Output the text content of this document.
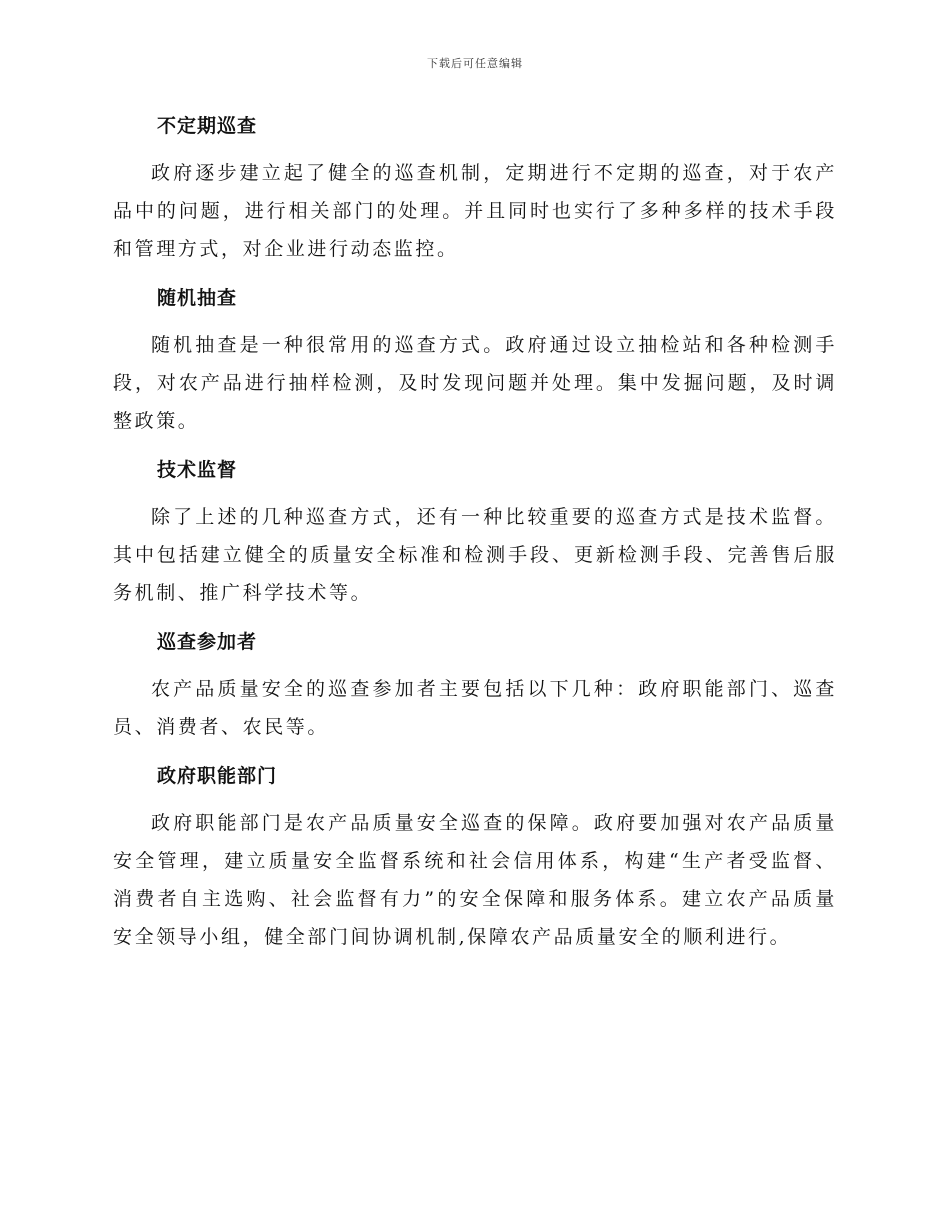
下载后可任意编辑
不定期巡查

政府逐步建立起了健全的巡查机制，定期进行不定期的巡查，对于农产品中的问题，进行相关部门的处理。并且同时也实行了多种多样的技术手段和管理方式，对企业进行动态监控。

随机抽查

随机抽查是一种很常用的巡查方式。政府通过设立抽检站和各种检测手段，对农产品进行抽样检测，及时发现问题并处理。集中发掘问题，及时调整政策。

技术监督

除了上述的几种巡查方式，还有一种比较重要的巡查方式是技术监督。其中包括建立健全的质量安全标准和检测手段、更新检测手段、完善售后服务机制、推广科学技术等。

巡查参加者

农产品质量安全的巡查参加者主要包括以下几种：政府职能部门、巡查员、消费者、农民等。

政府职能部门

政府职能部门是农产品质量安全巡查的保障。政府要加强对农产品质量安全管理，建立质量安全监督系统和社会信用体系，构建“生产者受监督、消费者自主选购、社会监督有力”的安全保障和服务体系。建立农产品质量安全领导小组，健全部门间协调机制,保障农产品质量安全的顺利进行。
